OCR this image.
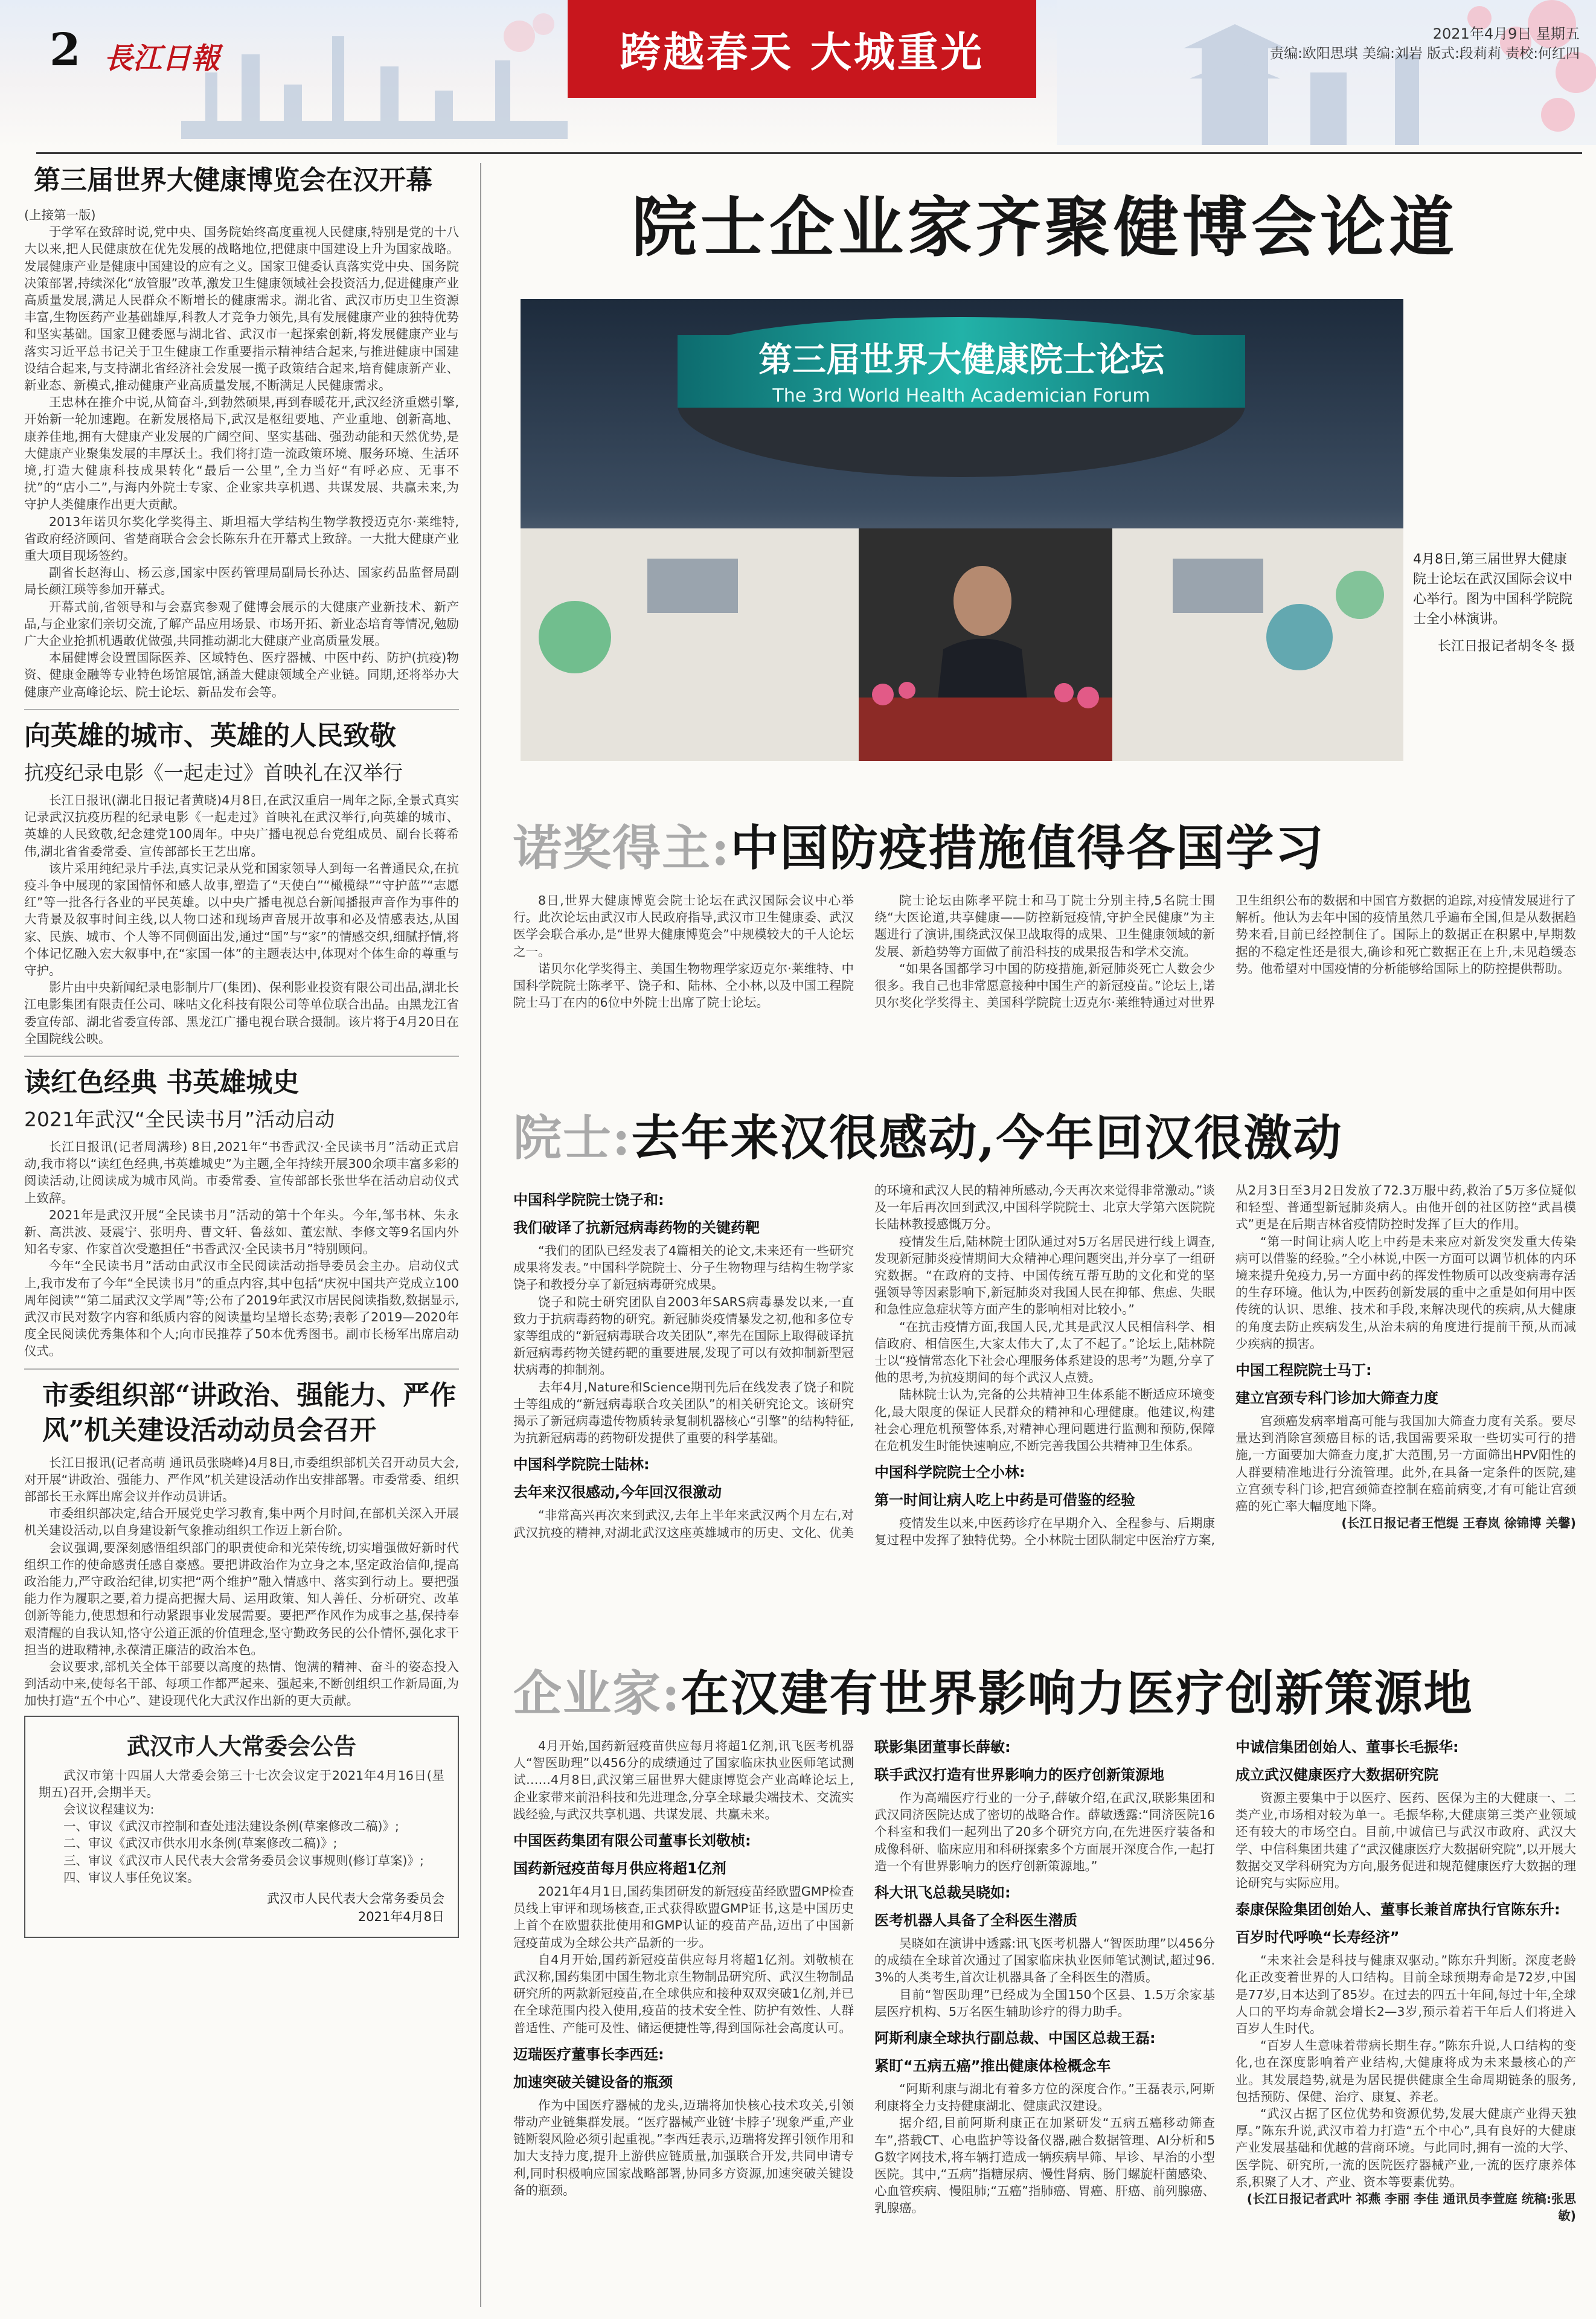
2 長江日報	跨越春天 大城重光	2021年4月9日 星期五
责编:欧阳思琪 美编:刘岩 版式:段莉莉 责校:何红四
第三届世界大健康博览会在汉开幕

(上接第一版)

于学军在致辞时说,党中央、国务院始终高度重视人民健康,特别是党的十八大以来,把人民健康放在优先发展的战略地位,把健康中国建设上升为国家战略。发展健康产业是健康中国建设的应有之义。国家卫健委认真落实党中央、国务院决策部署,持续深化“放管服”改革,激发卫生健康领域社会投资活力,促进健康产业高质量发展,满足人民群众不断增长的健康需求。湖北省、武汉市历史卫生资源丰富,生物医药产业基础雄厚,科教人才竞争力领先,具有发展健康产业的独特优势和坚实基础。国家卫健委愿与湖北省、武汉市一起探索创新,将发展健康产业与落实习近平总书记关于卫生健康工作重要指示精神结合起来,与推进健康中国建设结合起来,与支持湖北省经济社会发展一揽子政策结合起来,培育健康新产业、新业态、新模式,推动健康产业高质量发展,不断满足人民健康需求。

王忠林在推介中说,从简奋斗,到勃然硕果,再到春暖花开,武汉经济重燃引擎,开始新一轮加速跑。在新发展格局下,武汉是枢纽要地、产业重地、创新高地、康养佳地,拥有大健康产业发展的广阔空间、坚实基础、强劲动能和天然优势,是大健康产业聚集发展的丰厚沃土。我们将打造一流政策环境、服务环境、生活环境,打造大健康科技成果转化“最后一公里”,全力当好“有呼必应、无事不扰”的“店小二”,与海内外院士专家、企业家共享机遇、共谋发展、共赢未来,为守护人类健康作出更大贡献。

2013年诺贝尔奖化学奖得主、斯坦福大学结构生物学教授迈克尔·莱维特,省政府经济顾问、省楚商联合会会长陈东升在开幕式上致辞。一大批大健康产业重大项目现场签约。

副省长赵海山、杨云彦,国家中医药管理局副局长孙达、国家药品监督局副局长颜江瑛等参加开幕式。

开幕式前,省领导和与会嘉宾参观了健博会展示的大健康产业新技术、新产品,与企业家们亲切交流,了解产品应用场景、市场开拓、新业态培育等情况,勉励广大企业抢抓机遇敢优做强,共同推动湖北大健康产业高质量发展。

本届健博会设置国际医养、区域特色、医疗器械、中医中药、防护(抗疫)物资、健康金融等专业特色场馆展馆,涵盖大健康领域全产业链。同期,还将举办大健康产业高峰论坛、院士论坛、新品发布会等。

向英雄的城市、英雄的人民致敬
抗疫纪录电影《一起走过》首映礼在汉举行

长江日报讯(湖北日报记者黄晓)4月8日,在武汉重启一周年之际,全景式真实记录武汉抗疫历程的纪录电影《一起走过》首映礼在武汉举行,向英雄的城市、英雄的人民致敬,纪念建党100周年。中央广播电视总台党组成员、副台长蒋希伟,湖北省省委常委、宣传部部长王艺出席。

该片采用纯纪录片手法,真实记录从党和国家领导人到每一名普通民众,在抗疫斗争中展现的家国情怀和感人故事,塑造了“天使白”“橄榄绿”“守护蓝”“志愿红”等一批各行各业的平民英雄。以中央广播电视总台新闻播报声音作为事件的大背景及叙事时间主线,以人物口述和现场声音展开故事和必及情感表达,从国家、民族、城市、个人等不同侧面出发,通过“国”与“家”的情感交织,细腻抒情,将个体记忆融入宏大叙事中,在“家国一体”的主题表达中,体现对个体生命的尊重与守护。

影片由中央新闻纪录电影制片厂(集团)、保利影业投资有限公司出品,湖北长江电影集团有限责任公司、咪咕文化科技有限公司等单位联合出品。由黑龙江省委宣传部、湖北省委宣传部、黑龙江广播电视台联合摄制。该片将于4月20日在全国院线公映。

读红色经典 书英雄城史
2021年武汉“全民读书月”活动启动

长江日报讯(记者周满珍) 8日,2021年“书香武汉·全民读书月”活动正式启动,我市将以“读红色经典,书英雄城史”为主题,全年持续开展300余项丰富多彩的阅读活动,让阅读成为城市风尚。市委常委、宣传部部长张世华在活动启动仪式上致辞。

2021年是武汉开展“全民读书月”活动的第十个年头。今年,邹书林、朱永新、高洪波、聂震宁、张明舟、曹文轩、鲁兹如、董宏猷、李修文等9名国内外知名专家、作家首次受邀担任“书香武汉·全民读书月”特别顾问。

今年“全民读书月”活动由武汉市全民阅读活动指导委员会主办。启动仪式上,我市发布了今年“全民读书月”的重点内容,其中包括“庆祝中国共产党成立100周年阅读”“第二届武汉文学周”等;公布了2019年武汉市居民阅读指数,数据显示,武汉市民对数字内容和纸质内容的阅读量均呈增长态势;表彰了2019—2020年度全民阅读优秀集体和个人;向市民推荐了50本优秀图书。副市长杨军出席启动仪式。

市委组织部“讲政治、强能力、严作风”机关建设活动动员会召开

长江日报讯(记者高萌 通讯员张晓峰)4月8日,市委组织部机关召开动员大会,对开展“讲政治、强能力、严作风”机关建设活动作出安排部署。市委常委、组织部部长王永辉出席会议并作动员讲话。

市委组织部决定,结合开展党史学习教育,集中两个月时间,在部机关深入开展机关建设活动,以自身建设新气象推动组织工作迈上新台阶。

会议强调,要深刻感悟组织部门的职责使命和光荣传统,切实增强做好新时代组织工作的使命感责任感自豪感。要把讲政治作为立身之本,坚定政治信仰,提高政治能力,严守政治纪律,切实把“两个维护”融入情感中、落实到行动上。要把强能力作为履职之要,着力提高把握大局、运用政策、知人善任、分析研究、改革创新等能力,使思想和行动紧跟事业发展需要。要把严作风作为成事之基,保持奉艰清醒的自我认知,恪守公道正派的价值理念,坚守勤政务民的公仆情怀,强化求干担当的进取精神,永葆清正廉洁的政治本色。

会议要求,部机关全体干部要以高度的热情、饱满的精神、奋斗的姿态投入到活动中来,使每名干部、每项工作都严起来、强起来,不断创组织工作新局面,为加快打造“五个中心”、建设现代化大武汉作出新的更大贡献。

武汉市人大常委会公告

武汉市第十四届人大常委会第三十七次会议定于2021年4月16日(星期五)召开,会期半天。

会议议程建议为:

一、审议《武汉市控制和查处违法建设条例(草案修改二稿)》;

二、审议《武汉市供水用水条例(草案修改二稿)》;

三、审议《武汉市人民代表大会常务委员会议事规则(修订草案)》;

四、审议人事任免议案。

武汉市人民代表大会常务委员会
2021年4月8日
院士企业家齐聚健博会论道
第三届世界大健康院士论坛
The 3rd World Health Academician Forum
4月8日,第三届世界大健康院士论坛在武汉国际会议中心举行。图为中国科学院院士全小林演讲。
长江日报记者胡冬冬 摄
诺奖得主:中国防疫措施值得各国学习

8日,世界大健康博览会院士论坛在武汉国际会议中心举行。此次论坛由武汉市人民政府指导,武汉市卫生健康委、武汉医学会联合承办,是“世界大健康博览会”中规模较大的千人论坛之一。

诺贝尔化学奖得主、美国生物物理学家迈克尔·莱维特、中国科学院院士陈孝平、饶子和、陆林、仝小林,以及中国工程院院士马丁在内的6位中外院士出席了院士论坛。

院士论坛由陈孝平院士和马丁院士分别主持,5名院士围绕“大医论道,共享健康——防控新冠疫情,守护全民健康”为主题进行了演讲,围绕武汉保卫战取得的成果、卫生健康领域的新发展、新趋势等方面做了前沿科技的成果报告和学术交流。

“如果各国都学习中国的防疫措施,新冠肺炎死亡人数会少很多。我自己也非常愿意接种中国生产的新冠疫苗。”论坛上,诺贝尔奖化学奖得主、美国科学院院士迈克尔·莱维特通过对世界卫生组织公布的数据和中国官方数据的追踪,对疫情发展进行了解析。他认为去年中国的疫情虽然几乎遍布全国,但是从数据趋势来看,目前已经控制住了。国际上的数据正在积累中,早期数据的不稳定性还是很大,确诊和死亡数据正在上升,未见趋缓态势。他希望对中国疫情的分析能够给国际上的防控提供帮助。

院士:去年来汉很感动,今年回汉很激动
中国科学院院士饶子和:
我们破译了抗新冠病毒药物的关键药靶

“我们的团队已经发表了4篇相关的论文,未来还有一些研究成果将发表。”中国科学院院士、分子生物物理与结构生物学家饶子和教授分享了新冠病毒研究成果。

饶子和院士研究团队自2003年SARS病毒暴发以来,一直致力于抗病毒药物的研究。新冠肺炎疫情暴发之初,他和多位专家等组成的“新冠病毒联合攻关团队”,率先在国际上取得破译抗新冠病毒药物关键药靶的重要进展,发现了可以有效抑制新型冠状病毒的抑制剂。

去年4月,Nature和Science期刊先后在线发表了饶子和院士等组成的“新冠病毒联合攻关团队”的相关研究论文。该研究揭示了新冠病毒遗传物质转录复制机器核心“引擎”的结构特征,为抗新冠病毒的药物研发提供了重要的科学基础。

中国科学院院士陆林:
去年来汉很感动,今年回汉很激动

“非常高兴再次来到武汉,去年上半年来武汉两个月左右,对武汉抗疫的精神,对湖北武汉这座英雄城市的历史、文化、优美的环境和武汉人民的精神所感动,今天再次来觉得非常激动。”谈及一年后再次回到武汉,中国科学院院士、北京大学第六医院院长陆林教授感慨万分。

疫情发生后,陆林院士团队通过对5万名居民进行线上调查,发现新冠肺炎疫情期间大众精神心理问题突出,并分享了一组研究数据。“在政府的支持、中国传统互帮互助的文化和党的坚强领导等因素影响下,新冠肺炎对我国人民在抑郁、焦虑、失眠和急性应急症状等方面产生的影响相对比较小。”

“在抗击疫情方面,我国人民,尤其是武汉人民相信科学、相信政府、相信医生,大家太伟大了,太了不起了。”论坛上,陆林院士以“疫情常态化下社会心理服务体系建设的思考”为题,分享了他的思考,为抗疫期间的每个武汉人点赞。

陆林院士认为,完备的公共精神卫生体系能不断适应环境变化,最大限度的保证人民群众的精神和心理健康。他建议,构建社会心理危机预警体系,对精神心理问题进行监测和预防,保障在危机发生时能快速响应,不断完善我国公共精神卫生体系。

中国科学院院士仝小林:
第一时间让病人吃上中药是可借鉴的经验

疫情发生以来,中医药诊疗在早期介入、全程参与、后期康复过程中发挥了独特优势。仝小林院士团队制定中医治疗方案,从2月3日至3月2日发放了72.3万服中药,救治了5万多位疑似和轻型、普通型新冠肺炎病人。由他开创的社区防控“武昌模式”更是在后期吉林省疫情防控时发挥了巨大的作用。

“第一时间让病人吃上中药是未来应对新发突发重大传染病可以借鉴的经验。”仝小林说,中医一方面可以调节机体的内环境来提升免疫力,另一方面中药的挥发性物质可以改变病毒存活的生存环境。他认为,中医药创新发展的重中之重是如何用中医传统的认识、思维、技术和手段,来解决现代的疾病,从大健康的角度去防止疾病发生,从治未病的角度进行提前干预,从而减少疾病的损害。

中国工程院院士马丁:
建立宫颈专科门诊加大筛查力度

宫颈癌发病率增高可能与我国加大筛查力度有关系。要尽量达到消除宫颈癌目标的话,我国需要采取一些切实可行的措施,一方面要加大筛查力度,扩大范围,另一方面筛出HPV阳性的人群要精准地进行分流管理。此外,在具备一定条件的医院,建立宫颈专科门诊,把宫颈筛查控制在癌前病变,才有可能让宫颈癌的死亡率大幅度地下降。

(长江日报记者王恺缇 王春岚 徐锦博 关馨)
企业家:在汉建有世界影响力医疗创新策源地

4月开始,国药新冠疫苗供应每月将超1亿剂,讯飞医考机器人“智医助理”以456分的成绩通过了国家临床执业医师笔试测试……4月8日,武汉第三届世界大健康博览会产业高峰论坛上,企业家带来前沿科技和先进理念,分享全球最尖端技术、交流实践经验,与武汉共享机遇、共谋发展、共赢未来。

中国医药集团有限公司董事长刘敬桢:
国药新冠疫苗每月供应将超1亿剂

2021年4月1日,国药集团研发的新冠疫苗经欧盟GMP检查员线上审评和现场核查,正式获得欧盟GMP证书,这是中国历史上首个在欧盟获批使用和GMP认证的疫苗产品,迈出了中国新冠疫苗成为全球公共产品新的一步。

自4月开始,国药新冠疫苗供应每月将超1亿剂。刘敬桢在武汉称,国药集团中国生物北京生物制品研究所、武汉生物制品研究所的两款新冠疫苗,在全球供应和接种双双突破1亿剂,并已在全球范围内投入使用,疫苗的技术安全性、防护有效性、人群普适性、产能可及性、储运便捷性等,得到国际社会高度认可。

迈瑞医疗董事长李西廷:
加速突破关键设备的瓶颈

作为中国医疗器械的龙头,迈瑞将加快核心技术攻关,引领带动产业链集群发展。“医疗器械产业链‘卡脖子’现象严重,产业链断裂风险必须引起重视。”李西廷表示,迈瑞将发挥引领作用和加大支持力度,提升上游供应链质量,加强联合开发,共同申请专利,同时积极响应国家战略部署,协同多方资源,加速突破关键设备的瓶颈。

联影集团董事长薛敏:
联手武汉打造有世界影响力的医疗创新策源地

作为高端医疗行业的一分子,薛敏介绍,在武汉,联影集团和武汉同济医院达成了密切的战略合作。薛敏透露:“同济医院16个科室和我们一起列出了20多个研究方向,在先进医疗装备和成像科研、临床应用和科研探索多个方面展开深度合作,一起打造一个有世界影响力的医疗创新策源地。”

科大讯飞总裁吴晓如:
医考机器人具备了全科医生潜质

吴晓如在演讲中透露:讯飞医考机器人“智医助理”以456分的成绩在全球首次通过了国家临床执业医师笔试测试,超过96.3%的人类考生,首次让机器具备了全科医生的潜质。

目前“智医助理”已经成为全国150个区县、1.5万余家基层医疗机构、5万名医生辅助诊疗的得力助手。

阿斯利康全球执行副总裁、中国区总裁王磊:
紧盯“五病五癌”推出健康体检概念车

“阿斯利康与湖北有着多方位的深度合作。”王磊表示,阿斯利康将全力支持健康湖北、健康武汉建设。

据介绍,目前阿斯利康正在加紧研发“五病五癌移动筛查车”,搭载CT、心电监护等设备仪器,融合数据管理、AI分析和5G数字网技术,将车辆打造成一辆疾病早筛、早诊、早治的小型医院。其中,“五病”指糖尿病、慢性肾病、肠门螺旋杆菌感染、心血管疾病、慢阻肺;“五癌”指肺癌、胃癌、肝癌、前列腺癌、乳腺癌。

中诚信集团创始人、董事长毛振华:
成立武汉健康医疗大数据研究院

资源主要集中于以医疗、医药、医保为主的大健康一、二类产业,市场相对较为单一。毛振华称,大健康第三类产业领域还有较大的市场空白。目前,中诚信已与武汉市政府、武汉大学、中信科集团共建了“武汉健康医疗大数据研究院”,以开展大数据交叉学科研究为方向,服务促进和规范健康医疗大数据的理论研究与实际应用。

泰康保险集团创始人、董事长兼首席执行官陈东升:
百岁时代呼唤“长寿经济”

“未来社会是科技与健康双驱动。”陈东升判断。深度老龄化正改变着世界的人口结构。目前全球预期寿命是72岁,中国是77岁,日本达到了85岁。在过去的四五十年间,每过十年,全球人口的平均寿命就会增长2—3岁,预示着若干年后人们将进入百岁人生时代。

“百岁人生意味着带病长期生存。”陈东升说,人口结构的变化,也在深度影响着产业结构,大健康将成为未来最核心的产业。其发展趋势,就是为居民提供健康全生命周期链条的服务,包括预防、保健、治疗、康复、养老。

“武汉占据了区位优势和资源优势,发展大健康产业得天独厚。”陈东升说,武汉市着力打造“五个中心”,具有良好的大健康产业发展基础和优越的营商环境。与此同时,拥有一流的大学、医学院、研究所,一流的医院医疗器械产业,一流的医疗康养体系,积聚了人才、产业、资本等要素优势。

(长江日报记者武叶 祁燕 李丽 李佳 通讯员李萱庭 统稿:张思敏)
